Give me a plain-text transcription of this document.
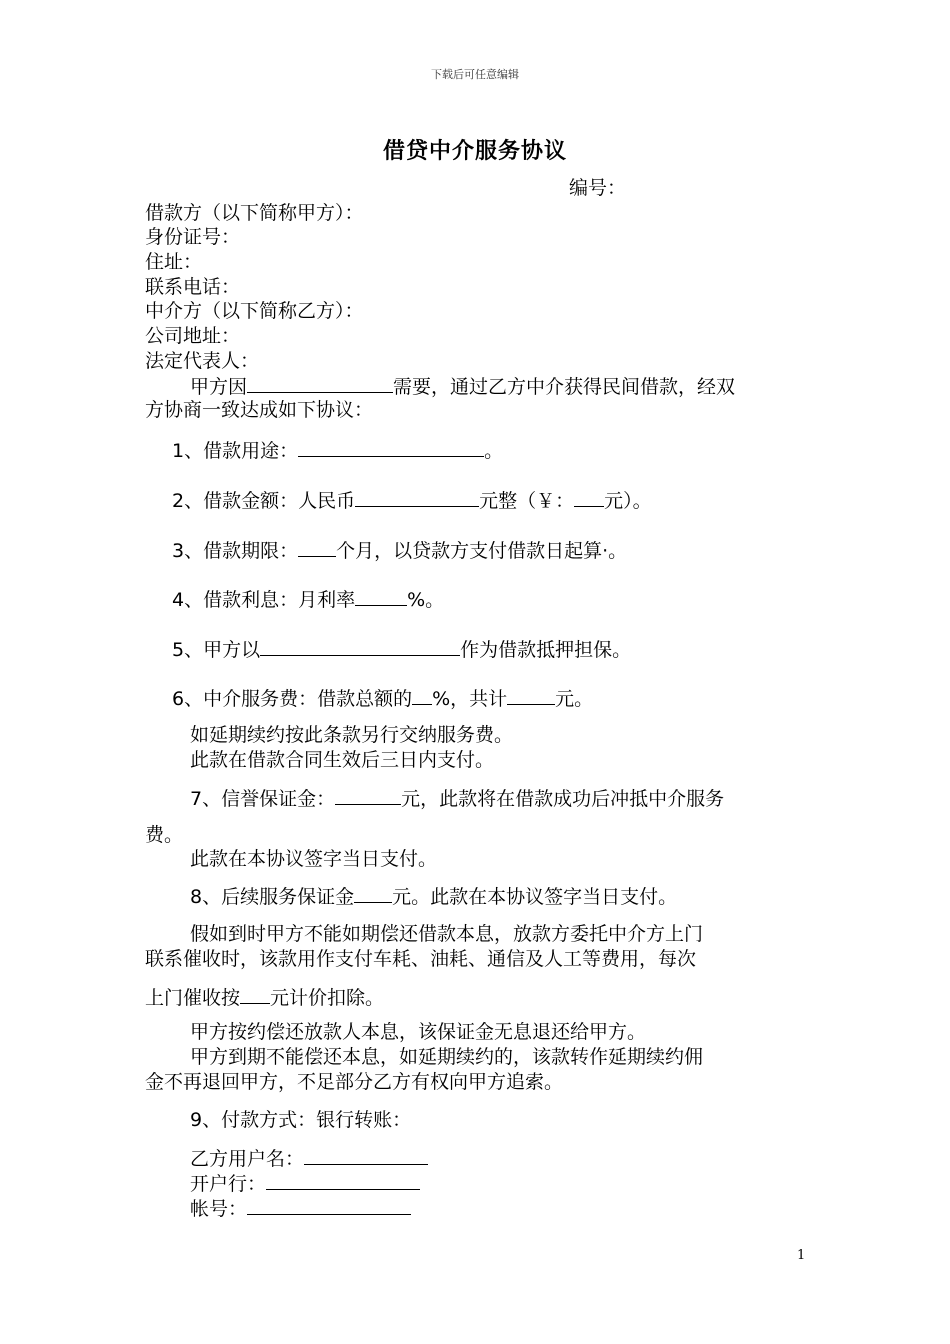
下载后可任意编辑
借贷中介服务协议
编号：
借款方（以下简称甲方）：
身份证号：
住址：
联系电话：
中介方（以下简称乙方）：
公司地址：
法定代表人：
甲方因	需要，通过乙方中介获得民间借款，经双
方协商一致达成如下协议：
1、借款用途：	。
2、借款金额：人民币	元整（￥： 元）。
3、借款期限： 个月，以贷款方支付借款日起算·。
4、借款利息：月利率	%。
5、甲方以	作为借款抵押担保。
6、中介服务费：借款总额的 %，共计	元。
如延期续约按此条款另行交纳服务费。
此款在借款合同生效后三日内支付。
7、信誉保证金：	元，此款将在借款成功后冲抵中介服务
费。
此款在本协议签字当日支付。
8、后续服务保证金 元。此款在本协议签字当日支付。
假如到时甲方不能如期偿还借款本息，放款方委托中介方上门
联系催收时，该款用作支付车耗、油耗、通信及人工等费用，每次
上门催收按 元计价扣除。
甲方按约偿还放款人本息，该保证金无息退还给甲方。
甲方到期不能偿还本息，如延期续约的，该款转作延期续约佣
金不再退回甲方，不足部分乙方有权向甲方追索。
9、付款方式：银行转账：
乙方用户名：
开户行：
帐号：
1
